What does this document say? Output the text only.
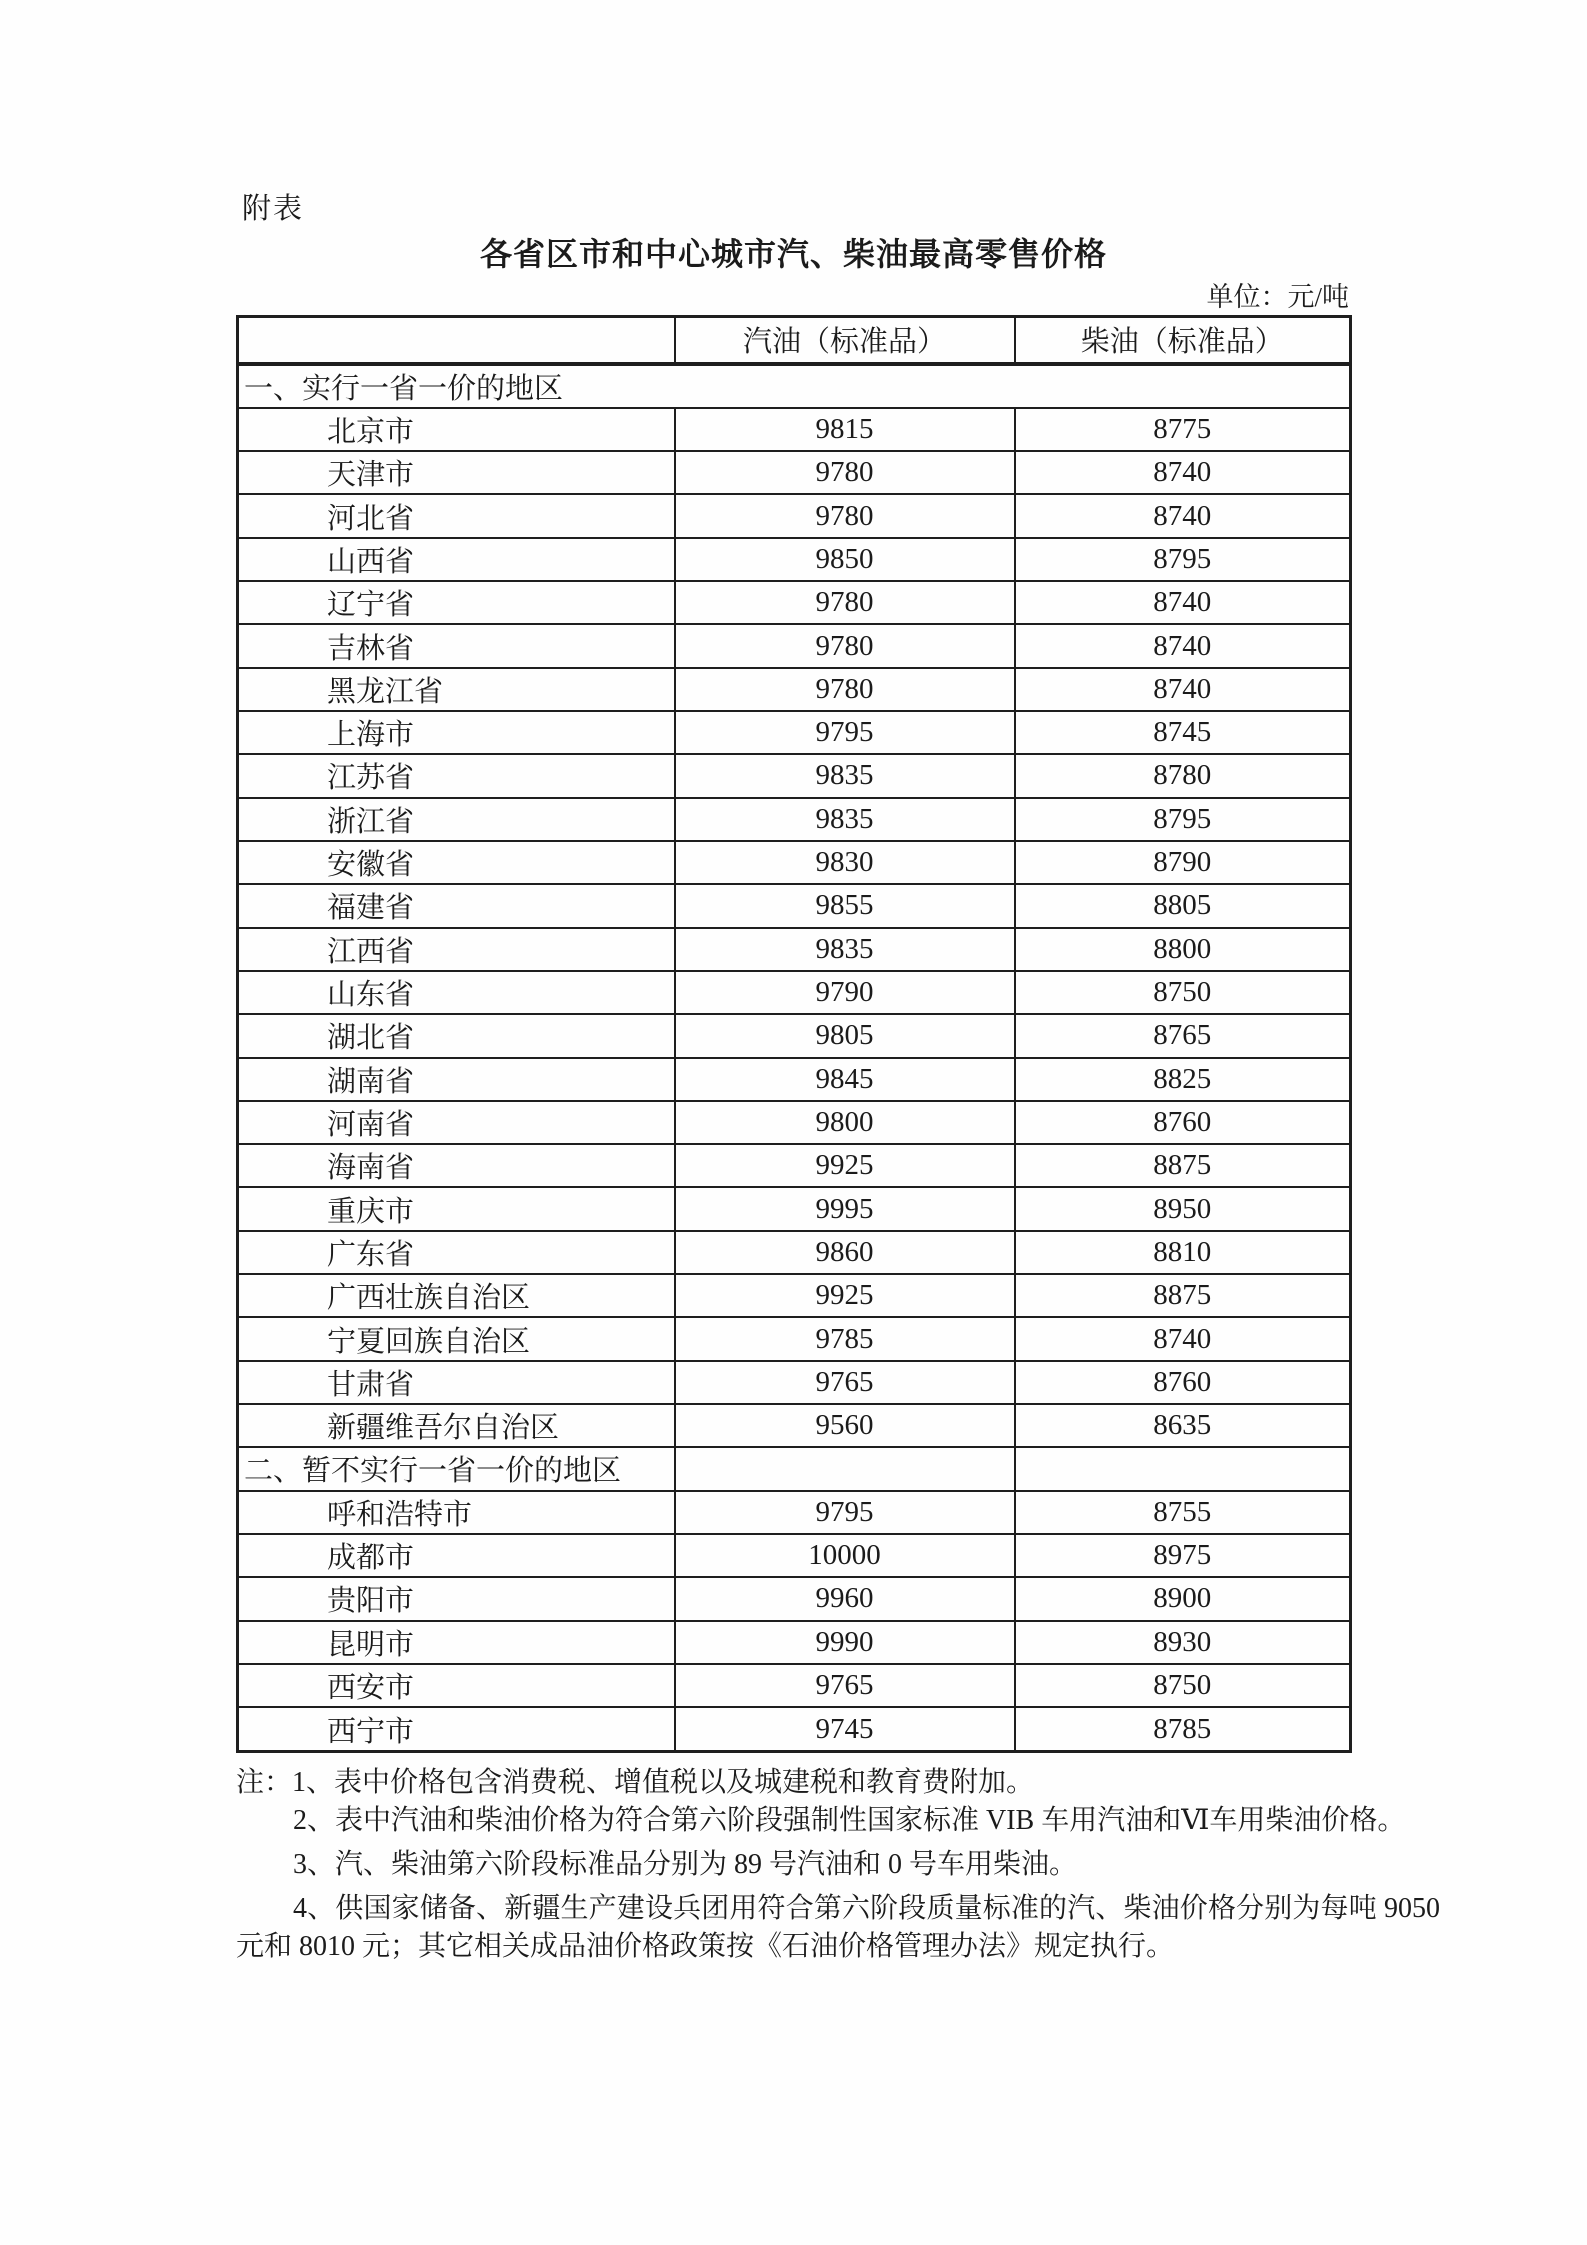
附表
各省区市和中心城市汽、柴油最高零售价格
单位：元/吨
	汽油（标准品）	柴油（标准品）
一、实行一省一价的地区		
北京市	9815	8775
天津市	9780	8740
河北省	9780	8740
山西省	9850	8795
辽宁省	9780	8740
吉林省	9780	8740
黑龙江省	9780	8740
上海市	9795	8745
江苏省	9835	8780
浙江省	9835	8795
安徽省	9830	8790
福建省	9855	8805
江西省	9835	8800
山东省	9790	8750
湖北省	9805	8765
湖南省	9845	8825
河南省	9800	8760
海南省	9925	8875
重庆市	9995	8950
广东省	9860	8810
广西壮族自治区	9925	8875
宁夏回族自治区	9785	8740
甘肃省	9765	8760
新疆维吾尔自治区	9560	8635
二、暂不实行一省一价的地区		
呼和浩特市	9795	8755
成都市	10000	8975
贵阳市	9960	8900
昆明市	9990	8930
西安市	9765	8750
西宁市	9745	8785

注：1、表中价格包含消费税、增值税以及城建税和教育费附加。

2、表中汽油和柴油价格为符合第六阶段强制性国家标准 VIB 车用汽油和Ⅵ车用柴油价格。

3、汽、柴油第六阶段标准品分别为 89 号汽油和 0 号车用柴油。

4、供国家储备、新疆生产建设兵团用符合第六阶段质量标准的汽、柴油价格分别为每吨 9050 元和 8010 元；其它相关成品油价格政策按《石油价格管理办法》规定执行。
